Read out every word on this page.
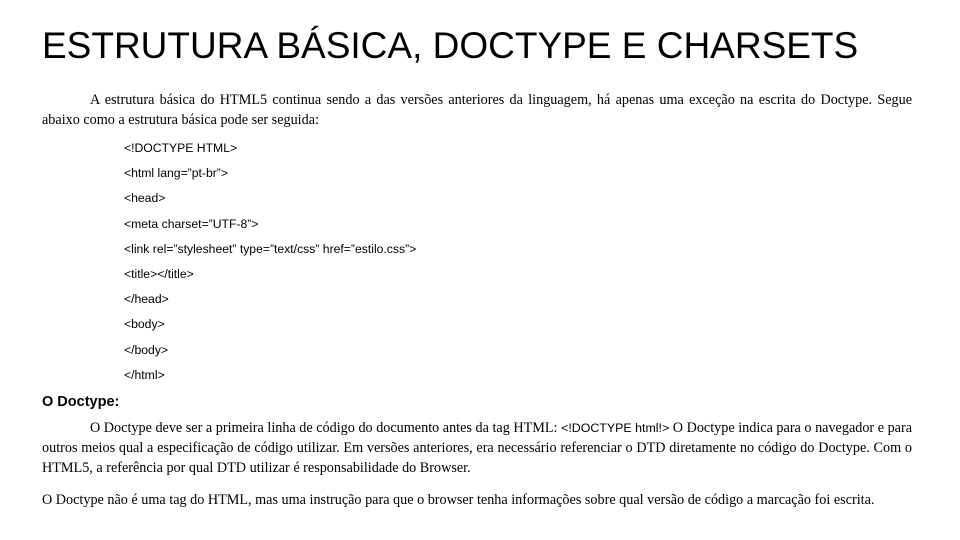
ESTRUTURA BÁSICA, DOCTYPE E CHARSETS

A estrutura básica do HTML5 continua sendo a das versões anteriores da linguagem, há apenas uma exceção na escrita do Doctype. Segue abaixo como a estrutura básica pode ser seguida:

<!DOCTYPE HTML>
<html lang=”pt-br”>
<head>
<meta charset=”UTF-8”>
<link rel=”stylesheet” type=”text/css” href=”estilo.css”>
<title></title>
</head>
<body>
</body>
</html>
O Doctype:

O Doctype deve ser a primeira linha de código do documento antes da tag HTML: <!DOCTYPE html!> O Doctype indica para o navegador e para outros meios qual a especificação de código utilizar. Em versões anteriores, era necessário referenciar o DTD diretamente no código do Doctype. Com o HTML5, a referência por qual DTD utilizar é responsabilidade do Browser.

O Doctype não é uma tag do HTML, mas uma instrução para que o browser tenha informações sobre qual versão de código a marcação foi escrita.
